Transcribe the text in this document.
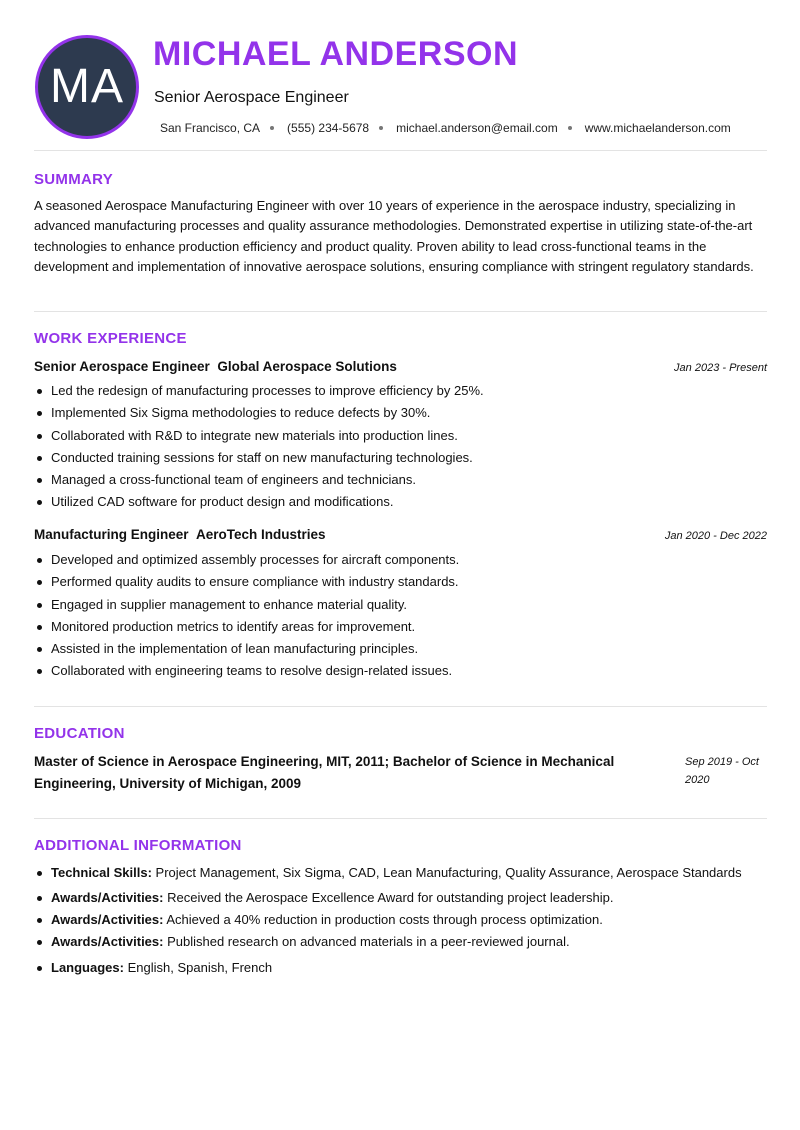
MA
MICHAEL ANDERSON
Senior Aerospace Engineer
San Francisco, CA (555) 234-5678 michael.anderson@email.com www.michaelanderson.com
SUMMARY

A seasoned Aerospace Manufacturing Engineer with over 10 years of experience in the aerospace industry, specializing in advanced manufacturing processes and quality assurance methodologies. Demonstrated expertise in utilizing state-of-the-art technologies to enhance production efficiency and product quality. Proven ability to lead cross-functional teams in the development and implementation of innovative aerospace solutions, ensuring compliance with stringent regulatory standards.

WORK EXPERIENCE
Senior Aerospace Engineer Global Aerospace Solutions	Jan 2023 - Present
Led the redesign of manufacturing processes to improve efficiency by 25%.
Implemented Six Sigma methodologies to reduce defects by 30%.
Collaborated with R&D to integrate new materials into production lines.
Conducted training sessions for staff on new manufacturing technologies.
Managed a cross-functional team of engineers and technicians.
Utilized CAD software for product design and modifications.
Manufacturing Engineer AeroTech Industries	Jan 2020 - Dec 2022
Developed and optimized assembly processes for aircraft components.
Performed quality audits to ensure compliance with industry standards.
Engaged in supplier management to enhance material quality.
Monitored production metrics to identify areas for improvement.
Assisted in the implementation of lean manufacturing principles.
Collaborated with engineering teams to resolve design-related issues.
EDUCATION
Master of Science in Aerospace Engineering, MIT, 2011; Bachelor of Science in Mechanical Engineering, University of Michigan, 2009
Sep 2019 - Oct 2020
ADDITIONAL INFORMATION
Technical Skills: Project Management, Six Sigma, CAD, Lean Manufacturing, Quality Assurance, Aerospace Standards
Awards/Activities: Received the Aerospace Excellence Award for outstanding project leadership.
Awards/Activities: Achieved a 40% reduction in production costs through process optimization.
Awards/Activities: Published research on advanced materials in a peer-reviewed journal.
Languages: English, Spanish, French
